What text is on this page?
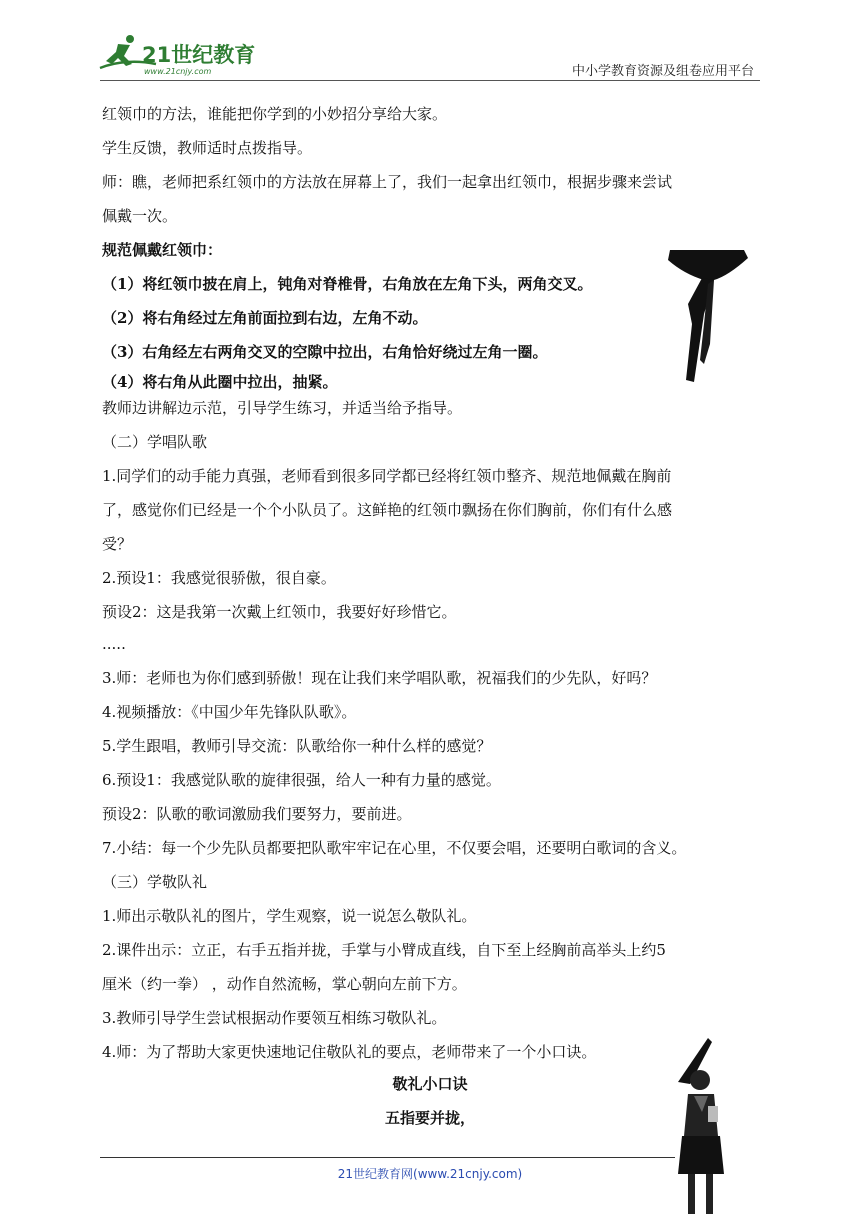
21世纪教育
www.21cnjy.com	中小学教育资源及组卷应用平台
红领巾的方法，谁能把你学到的小妙招分享给大家。
学生反馈，教师适时点拨指导。
师：瞧，老师把系红领巾的方法放在屏幕上了，我们一起拿出红领巾，根据步骤来尝试
佩戴一次。
规范佩戴红领巾：
（1）将红领巾披在肩上，钝角对脊椎骨，右角放在左角下头，两角交叉。
（2）将右角经过左角前面拉到右边，左角不动。
（3）右角经左右两角交叉的空隙中拉出，右角恰好绕过左角一圈。
（4）将右角从此圈中拉出，抽紧。
教师边讲解边示范，引导学生练习，并适当给予指导。
（二）学唱队歌
1.同学们的动手能力真强，老师看到很多同学都已经将红领巾整齐、规范地佩戴在胸前
了，感觉你们已经是一个个小队员了。这鲜艳的红领巾飘扬在你们胸前，你们有什么感
受？
2.预设1：我感觉很骄傲，很自豪。
预设2：这是我第一次戴上红领巾，我要好好珍惜它。
.....
3.师：老师也为你们感到骄傲！现在让我们来学唱队歌，祝福我们的少先队，好吗？
4.视频播放：《中国少年先锋队队歌》。
5.学生跟唱，教师引导交流：队歌给你一种什么样的感觉？
6.预设1：我感觉队歌的旋律很强，给人一种有力量的感觉。
预设2：队歌的歌词激励我们要努力，要前进。
7.小结：每一个少先队员都要把队歌牢牢记在心里，不仅要会唱，还要明白歌词的含义。
（三）学敬队礼
1.师出示敬队礼的图片，学生观察，说一说怎么敬队礼。
2.课件出示：立正，右手五指并拢，手掌与小臂成直线，自下至上经胸前高举头上约5
厘米（约一拳） ，动作自然流畅，掌心朝向左前下方。
3.教师引导学生尝试根据动作要领互相练习敬队礼。
4.师：为了帮助大家更快速地记住敬队礼的要点，老师带来了一个小口诀。
敬礼小口诀
五指要并拢，
21世纪教育网(www.21cnjy.com)
